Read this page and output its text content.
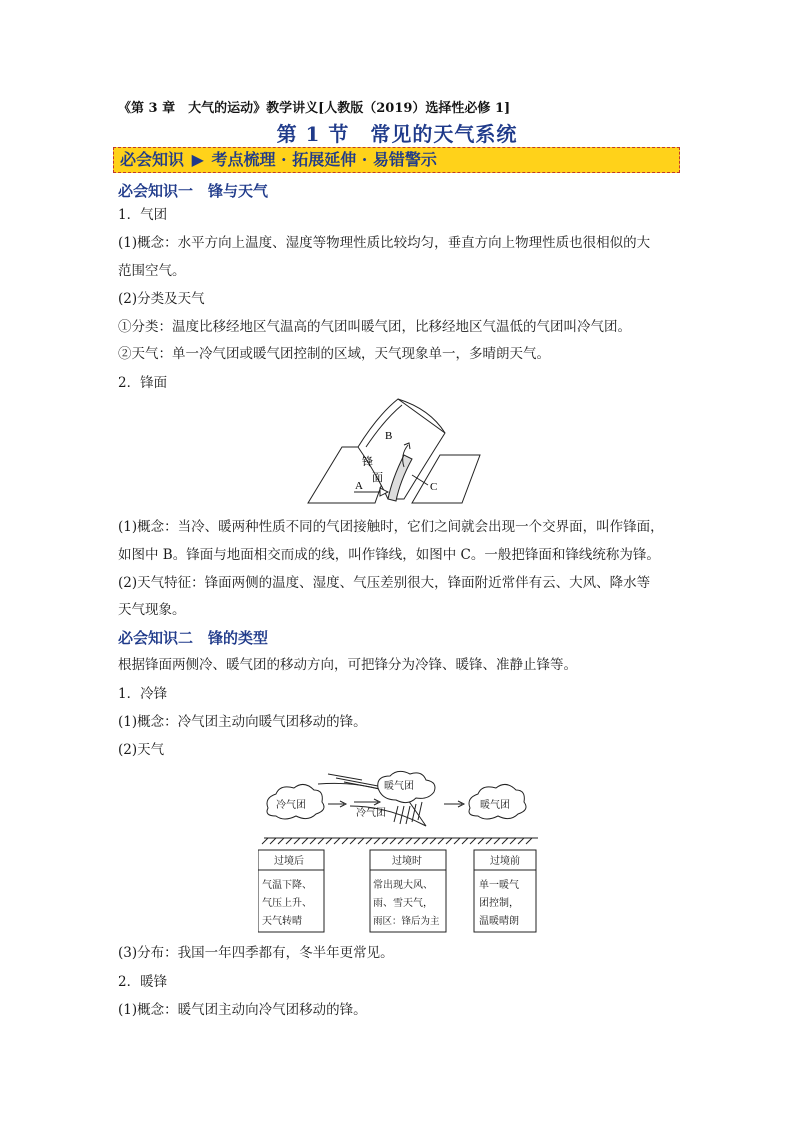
《第 3 章　大气的运动》教学讲义[人教版（2019）选择性必修 1]
第 1 节　常见的天气系统
必会知识 ▶ 考点梳理 · 拓展延伸 · 易错警示
必会知识一　锋与天气
1．气团
(1)概念：水平方向上温度、湿度等物理性质比较均匀，垂直方向上物理性质也很相似的大
范围空气。
(2)分类及天气
①分类：温度比移经地区气温高的气团叫暖气团，比移经地区气温低的气团叫冷气团。
②天气：单一冷气团或暖气团控制的区域，天气现象单一，多晴朗天气。
2．锋面
B
锋
面
A	C
(1)概念：当冷、暖两种性质不同的气团接触时，它们之间就会出现一个交界面，叫作锋面，
如图中 B。锋面与地面相交而成的线，叫作锋线，如图中 C。一般把锋面和锋线统称为锋。
(2)天气特征：锋面两侧的温度、湿度、气压差别很大，锋面附近常伴有云、大风、降水等
天气现象。
必会知识二　锋的类型
根据锋面两侧冷、暖气团的移动方向，可把锋分为冷锋、暖锋、准静止锋等。
1．冷锋
(1)概念：冷气团主动向暖气团移动的锋。
(2)天气
冷气团
暖气团
冷气团
暖气团
过境后
气温下降、
气压上升、
天气转晴
过境时
常出现大风、
雨、雪天气，
雨区：锋后为主
过境前
单一暖气
团控制，
温暖晴朗
(3)分布：我国一年四季都有，冬半年更常见。
2．暖锋
(1)概念：暖气团主动向冷气团移动的锋。
